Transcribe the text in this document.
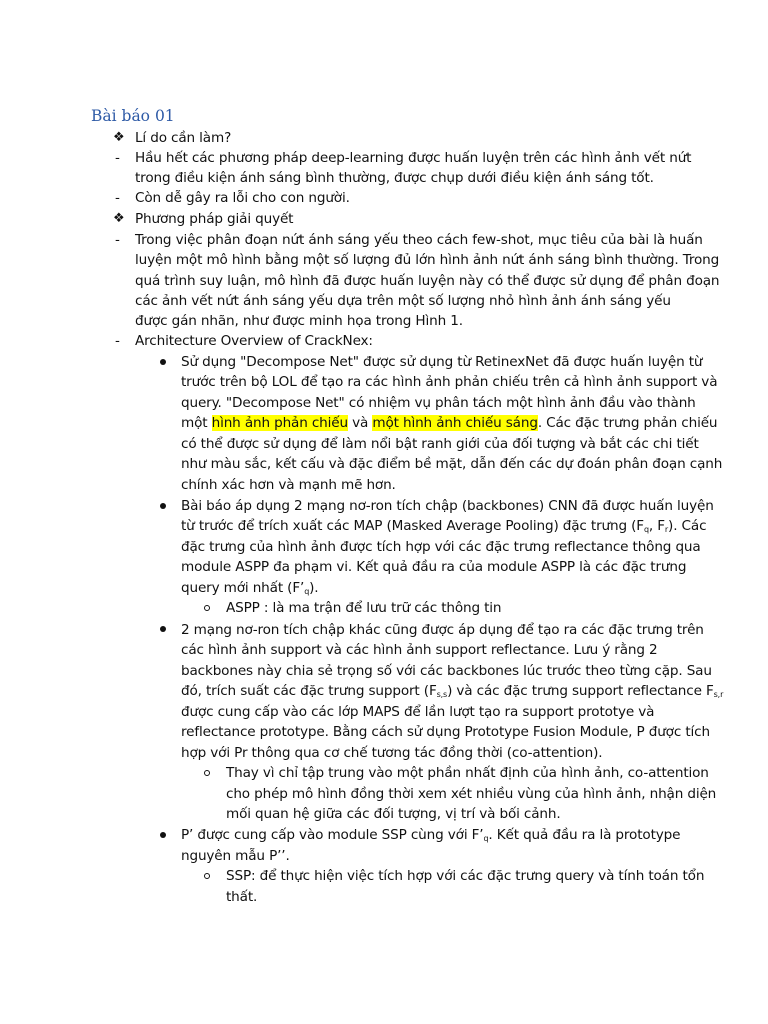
Bài báo 01
❖ Lí do cần làm?
- Hầu hết các phương pháp deep-learning được huấn luyện trên các hình ảnh vết nứt
trong điều kiện ánh sáng bình thường, được chụp dưới điều kiện ánh sáng tốt.
- Còn dễ gây ra lỗi cho con người.
❖ Phương pháp giải quyết
- Trong việc phân đoạn nứt ánh sáng yếu theo cách few-shot, mục tiêu của bài là huấn
luyện một mô hình bằng một số lượng đủ lớn hình ảnh nứt ánh sáng bình thường. Trong
quá trình suy luận, mô hình đã được huấn luyện này có thể được sử dụng để phân đoạn
các ảnh vết nứt ánh sáng yếu dựa trên một số lượng nhỏ hình ảnh ánh sáng yếu
được gán nhãn, như được minh họa trong Hình 1.
- Architecture Overview of CrackNex:
Sử dụng "Decompose Net" được sử dụng từ RetinexNet đã được huấn luyện từ
trước trên bộ LOL để tạo ra các hình ảnh phản chiếu trên cả hình ảnh support và
query. "Decompose Net" có nhiệm vụ phân tách một hình ảnh đầu vào thành
một hình ảnh phản chiếu và một hình ảnh chiếu sáng. Các đặc trưng phản chiếu
có thể được sử dụng để làm nổi bật ranh giới của đối tượng và bắt các chi tiết
như màu sắc, kết cấu và đặc điểm bề mặt, dẫn đến các dự đoán phân đoạn cạnh
chính xác hơn và mạnh mẽ hơn.
Bài báo áp dụng 2 mạng nơ-ron tích chập (backbones) CNN đã được huấn luyện
từ trước để trích xuất các MAP (Masked Average Pooling) đặc trưng ($F_q$, $F_r$). Các
đặc trưng của hình ảnh được tích hợp với các đặc trưng reflectance thông qua
module ASPP đa phạm vi. Kết quả đầu ra của module ASPP là các đặc trưng
query mới nhất $(F’_q)$.
ASPP : là ma trận để lưu trữ các thông tin
2 mạng nơ-ron tích chập khác cũng được áp dụng để tạo ra các đặc trưng trên
các hình ảnh support và các hình ảnh support reflectance. Lưu ý rằng 2
backbones này chia sẻ trọng số với các backbones lúc trước theo từng cặp. Sau
đó, trích suất các đặc trưng support $(F_{s,s})$ và các đặc trưng support reflectance $F_{s,r}$
được cung cấp vào các lớp MAPS để lần lượt tạo ra support prototye và
reflectance prototype. Bằng cách sử dụng Prototype Fusion Module, P được tích
hợp với Pr thông qua cơ chế tương tác đồng thời (co-attention).
Thay vì chỉ tập trung vào một phần nhất định của hình ảnh, co-attention
cho phép mô hình đồng thời xem xét nhiều vùng của hình ảnh, nhận diện
mối quan hệ giữa các đối tượng, vị trí và bối cảnh.
P’ được cung cấp vào module SSP cùng với $F’_q$. Kết quả đầu ra là prototype
nguyên mẫu P’’.
SSP: để thực hiện việc tích hợp với các đặc trưng query và tính toán tổn
thất.
